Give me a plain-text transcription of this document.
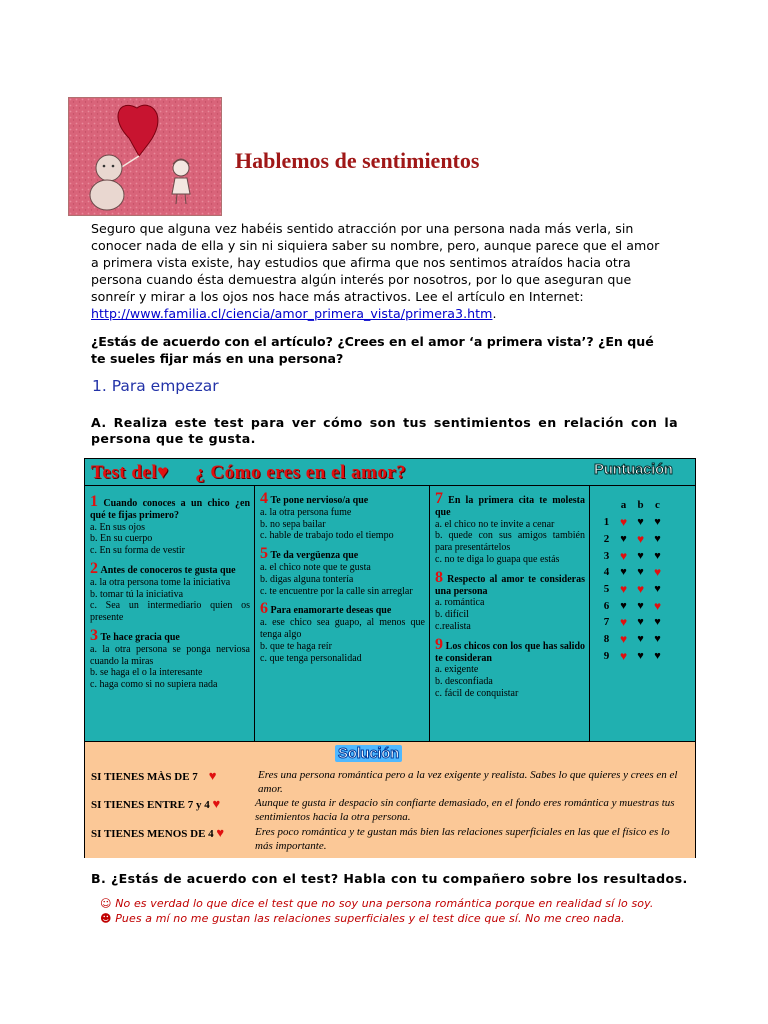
Hablemos de sentimientos

Seguro que alguna vez habéis sentido atracción por una persona nada más verla, sin

conocer nada de ella y sin ni siquiera saber su nombre, pero, aunque parece que el amor

a primera vista existe, hay estudios que afirma que nos sentimos atraídos hacia otra

persona cuando ésta demuestra algún interés por nosotros, por lo que aseguran que

sonreír y mirar a los ojos nos hace más atractivos. Lee el artículo en Internet:

http://www.familia.cl/ciencia/amor_primera_vista/primera3.htm.

¿Estás de acuerdo con el artículo? ¿Crees en el amor ‘a primera vista’? ¿En qué
te sueles fijar más en una persona?
1. Para empezar
A. Realiza este test para ver cómo son tus sentimientos en relación con la persona que te gusta.
Test del♥ ¿ Cómo eres en el amor?	Puntuación
1 Cuando conoces a un chico ¿en qué te fijas primero?
a. En sus ojos
b. En su cuerpo
c. En su forma de vestir
2 Antes de conoceros te gusta que
a. la otra persona tome la iniciativa
b. tomar tú la iniciativa
c. Sea un intermediario quien os presente
3 Te hace gracia que
a. la otra persona se ponga nerviosa cuando la miras
b. se haga el o la interesante
c. haga como si no supiera nada
4 Te pone nervioso/a que
a. la otra persona fume
b. no sepa bailar
c. hable de trabajo todo el tiempo
5 Te da vergüenza que
a. el chico note que te gusta
b. digas alguna tontería
c. te encuentre por la calle sin arreglar
6 Para enamorarte deseas que
a. ese chico sea guapo, al menos que tenga algo
b. que te haga reír
c. que tenga personalidad
7 En la primera cita te molesta que
a. el chico no te invite a cenar
b. quede con sus amigos también para presentártelos
c. no te diga lo guapa que estás
8 Respecto al amor te consideras una persona
a. romántica
b. difícil
c.realista
9 Los chicos con los que has salido te consideran
a. exigente
b. desconfiada
c. fácil de conquistar
	a	b	c
1	♥	♥	♥
2	♥	♥	♥
3	♥	♥	♥
4	♥	♥	♥
5	♥	♥	♥
6	♥	♥	♥
7	♥	♥	♥
8	♥	♥	♥
9	♥	♥	♥
Solución
SI TIENES MÀS DE 7 ♥	Eres una persona romántica pero a la vez exigente y realista. Sabes lo que quieres y crees en el amor.
SI TIENES ENTRE 7 y 4 ♥	Aunque te gusta ir despacio sin confiarte demasiado, en el fondo eres romántica y muestras tus sentimientos hacia la otra persona.
SI TIENES MENOS DE 4 ♥	Eres poco romántica y te gustan más bien las relaciones superficiales en las que el físico es lo más importante.
B. ¿Estás de acuerdo con el test? Habla con tu compañero sobre los resultados.
☺ No es verdad lo que dice el test que no soy una persona romántica porque en realidad sí lo soy.
☻ Pues a mí no me gustan las relaciones superficiales y el test dice que sí. No me creo nada.
